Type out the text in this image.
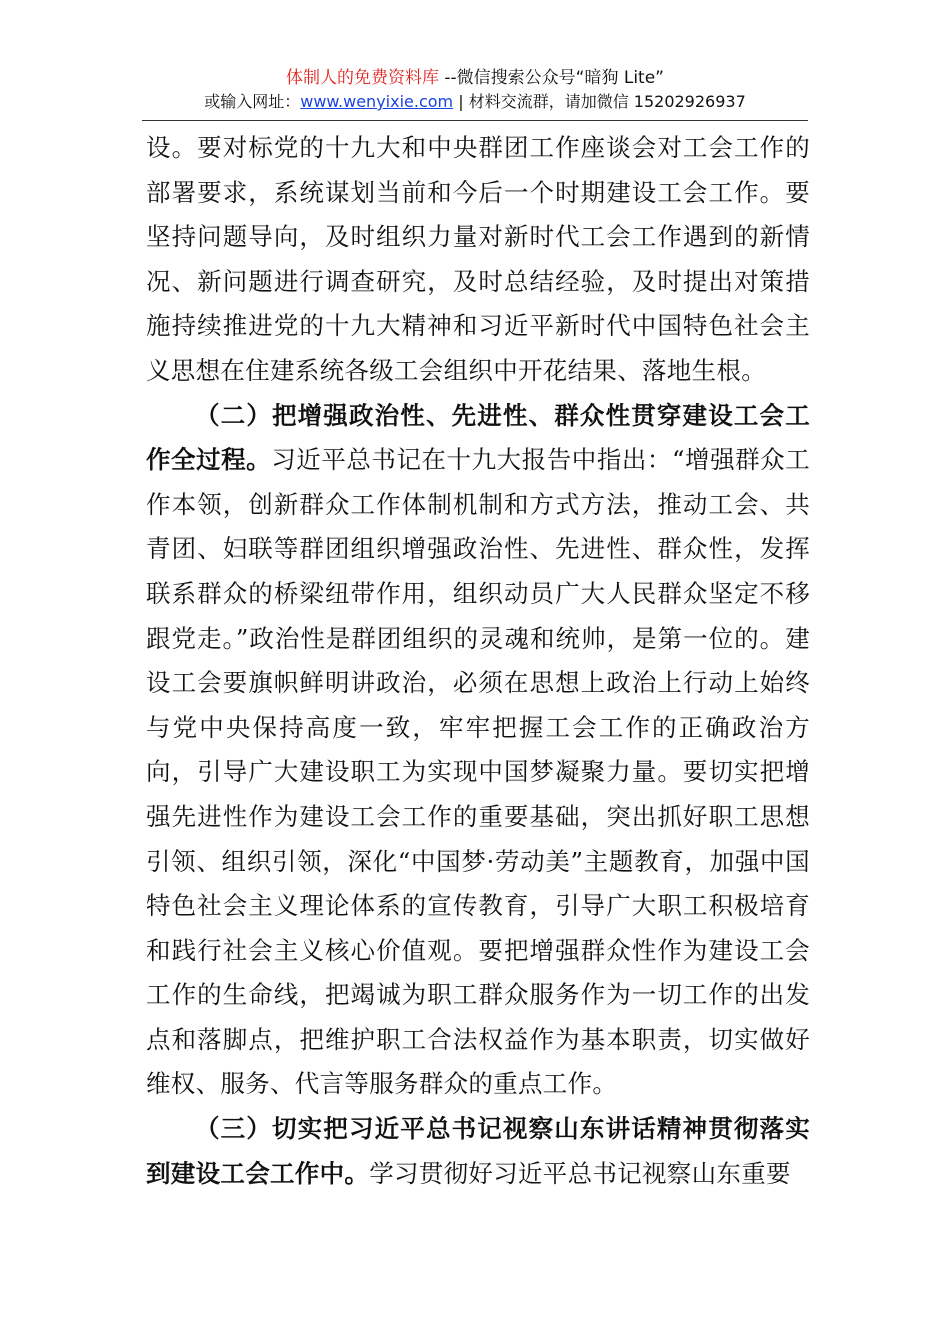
体制人的免费资料库 --微信搜索公众号“暗狗 Lite”
或输入网址：www.wenyixie.com | 材料交流群，请加微信 15202926937

设。要对标党的十九大和中央群团工作座谈会对工会工作的部署要求，系统谋划当前和今后一个时期建设工会工作。要坚持问题导向，及时组织力量对新时代工会工作遇到的新情况、新问题进行调查研究，及时总结经验，及时提出对策措施持续推进党的十九大精神和习近平新时代中国特色社会主义思想在住建系统各级工会组织中开花结果、落地生根。

（二）把增强政治性、先进性、群众性贯穿建设工会工作全过程。习近平总书记在十九大报告中指出：“增强群众工作本领，创新群众工作体制机制和方式方法，推动工会、共青团、妇联等群团组织增强政治性、先进性、群众性，发挥联系群众的桥梁纽带作用，组织动员广大人民群众坚定不移跟党走。”政治性是群团组织的灵魂和统帅，是第一位的。建设工会要旗帜鲜明讲政治，必须在思想上政治上行动上始终与党中央保持高度一致，牢牢把握工会工作的正确政治方向，引导广大建设职工为实现中国梦凝聚力量。要切实把增强先进性作为建设工会工作的重要基础，突出抓好职工思想引领、组织引领，深化“中国梦·劳动美”主题教育，加强中国特色社会主义理论体系的宣传教育，引导广大职工积极培育和践行社会主义核心价值观。要把增强群众性作为建设工会工作的生命线，把竭诚为职工群众服务作为一切工作的出发点和落脚点，把维护职工合法权益作为基本职责，切实做好维权、服务、代言等服务群众的重点工作。

（三）切实把习近平总书记视察山东讲话精神贯彻落实到建设工会工作中。学习贯彻好习近平总书记视察山东重要
